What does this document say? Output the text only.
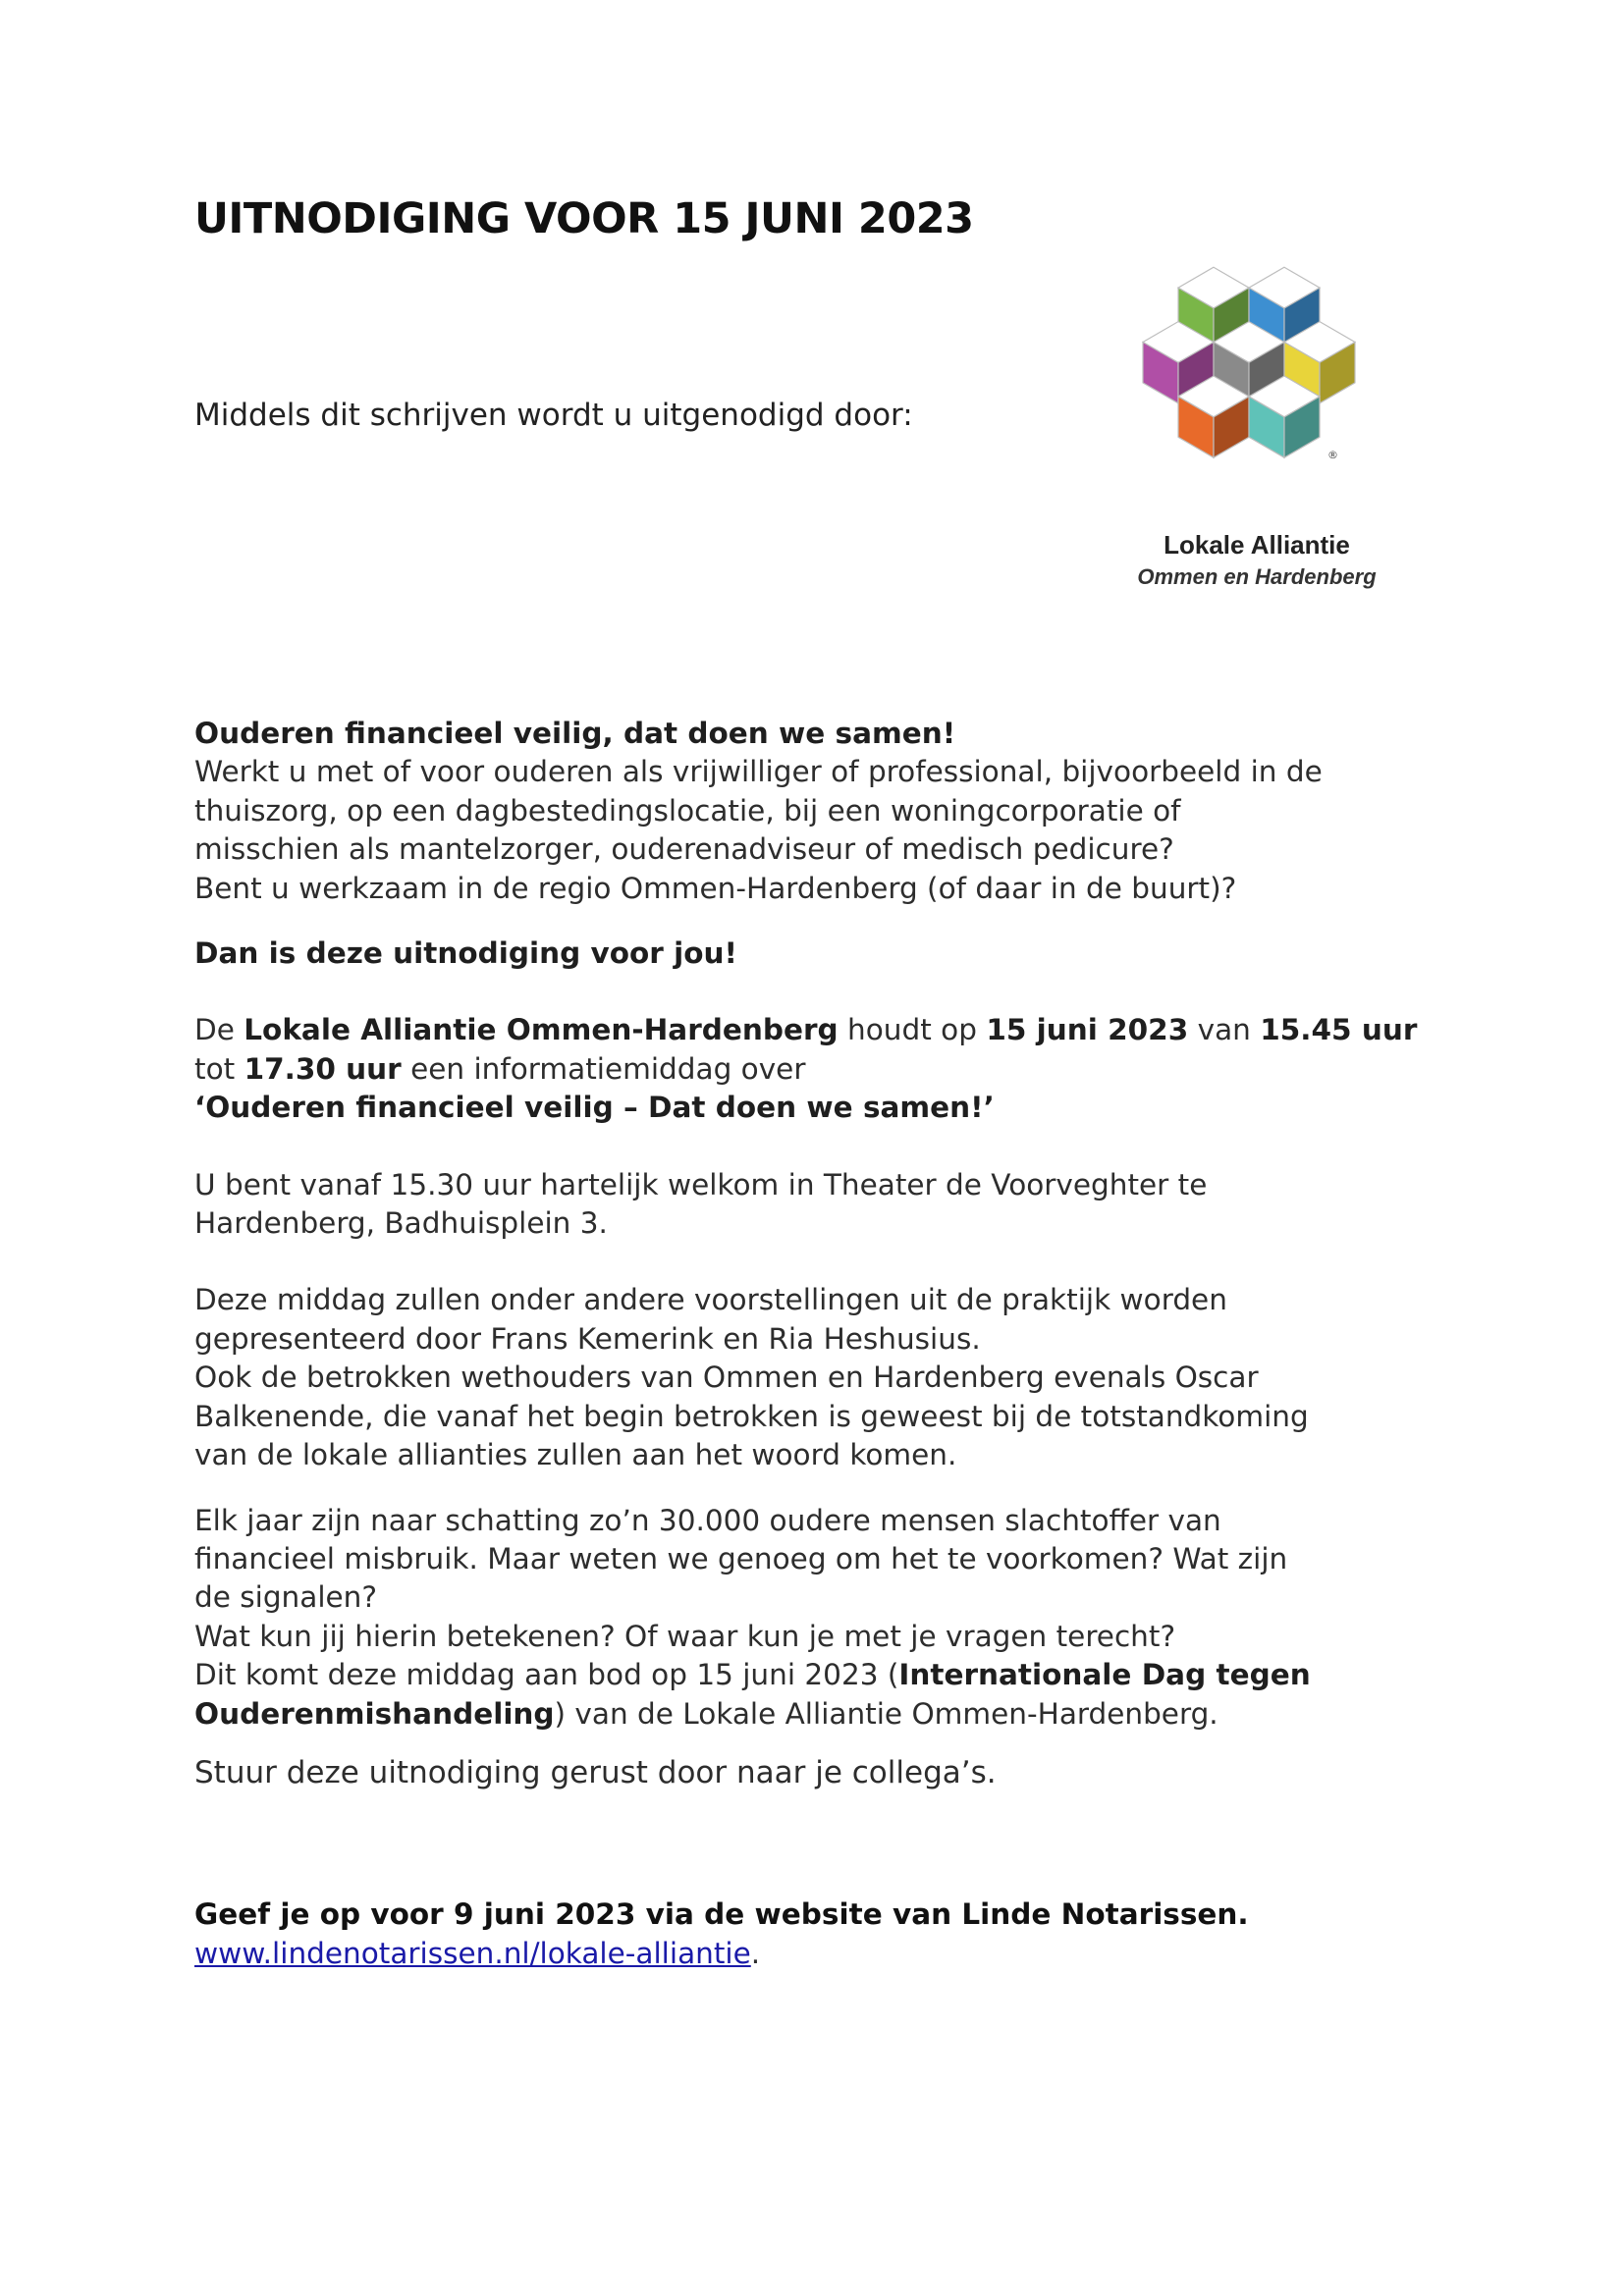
UITNODIGING VOOR 15 JUNI 2023
Middels dit schrijven wordt u uitgenodigd door:
®
Lokale Alliantie
Ommen en Hardenberg

Ouderen financieel veilig, dat doen we samen!

Werkt u met of voor ouderen als vrijwilliger of professional, bijvoorbeeld in de
thuiszorg, op een dagbestedingslocatie, bij een woningcorporatie of
misschien als mantelzorger, ouderenadviseur of medisch pedicure?
Bent u werkzaam in de regio Ommen-Hardenberg (of daar in de buurt)?

Dan is deze uitnodiging voor jou!

De Lokale Alliantie Ommen-Hardenberg houdt op 15 juni 2023 van 15.45 uur
tot 17.30 uur een informatiemiddag over
‘Ouderen financieel veilig – Dat doen we samen!’

U bent vanaf 15.30 uur hartelijk welkom in Theater de Voorveghter te
Hardenberg, Badhuisplein 3.

Deze middag zullen onder andere voorstellingen uit de praktijk worden
gepresenteerd door Frans Kemerink en Ria Heshusius.
Ook de betrokken wethouders van Ommen en Hardenberg evenals Oscar
Balkenende, die vanaf het begin betrokken is geweest bij de totstandkoming
van de lokale allianties zullen aan het woord komen.

Elk jaar zijn naar schatting zo’n 30.000 oudere mensen slachtoffer van
financieel misbruik. Maar weten we genoeg om het te voorkomen? Wat zijn
de signalen?
Wat kun jij hierin betekenen? Of waar kun je met je vragen terecht?
Dit komt deze middag aan bod op 15 juni 2023 (Internationale Dag tegen
Ouderenmishandeling) van de Lokale Alliantie Ommen-Hardenberg.

Stuur deze uitnodiging gerust door naar je collega’s.

Geef je op voor 9 juni 2023 via de website van Linde Notarissen.

www.lindenotarissen.nl/lokale-alliantie.
